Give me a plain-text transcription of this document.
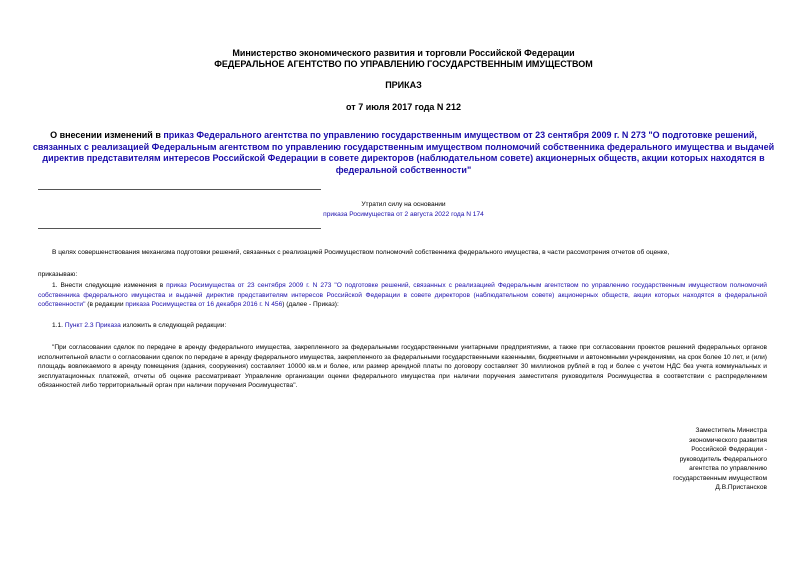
Министерство экономического развития и торговли Российской Федерации
ФЕДЕРАЛЬНОЕ АГЕНТСТВО ПО УПРАВЛЕНИЮ ГОСУДАРСТВЕННЫМ ИМУЩЕСТВОМ
ПРИКАЗ
от 7 июля 2017 года N 212
О внесении изменений в приказ Федерального агентства по управлению государственным имуществом от 23 сентября 2009 г. N 273 "О подготовке решений, связанных с реализацией Федеральным агентством по управлению государственным имуществом полномочий собственника федерального имущества и выдачей директив представителям интересов Российской Федерации в совете директоров (наблюдательном совете) акционерных обществ, акции которых находятся в федеральной собственности"
Утратил силу на основании
приказа Росимущества от 2 августа 2022 года N 174
В целях совершенствования механизма подготовки решений, связанных с реализацией Росимуществом полномочий собственника федерального имущества, в части рассмотрения отчетов об оценке,
приказываю:
1. Внести следующие изменения в приказ Росимущества от 23 сентября 2009 г. N 273 "О подготовке решений, связанных с реализацией Федеральным агентством по управлению государственным имуществом полномочий собственника федерального имущества и выдачей директив представителям интересов Российской Федерации в совете директоров (наблюдательном совете) акционерных обществ, акции которых находятся в федеральной собственности" (в редакции приказа Росимущества от 16 декабря 2016 г. N 456) (далее - Приказ):
1.1. Пункт 2.3 Приказа изложить в следующей редакции:
"При согласовании сделок по передаче в аренду федерального имущества, закрепленного за федеральными государственными унитарными предприятиями, а также при согласовании проектов решений федеральных органов исполнительной власти о согласовании сделок по передаче в аренду федерального имущества, закрепленного за федеральными государственными казенными, бюджетными и автономными учреждениями, на срок более 10 лет, и (или) площадь вовлекаемого в аренду помещения (здания, сооружения) составляет 10000 кв.м и более, или размер арендной платы по договору составляет 30 миллионов рублей в год и более с учетом НДС без учета коммунальных и эксплуатационных платежей, отчеты об оценке рассматривает Управление организации оценки федерального имущества при наличии поручения заместителя руководителя Росимущества в соответствии с распределением обязанностей либо территориальный орган при наличии поручения Росимущества".
Заместитель Министра
экономического развития
Российской Федерации -
руководитель Федерального
агентства по управлению
государственным имуществом
Д.В.Пристансков
